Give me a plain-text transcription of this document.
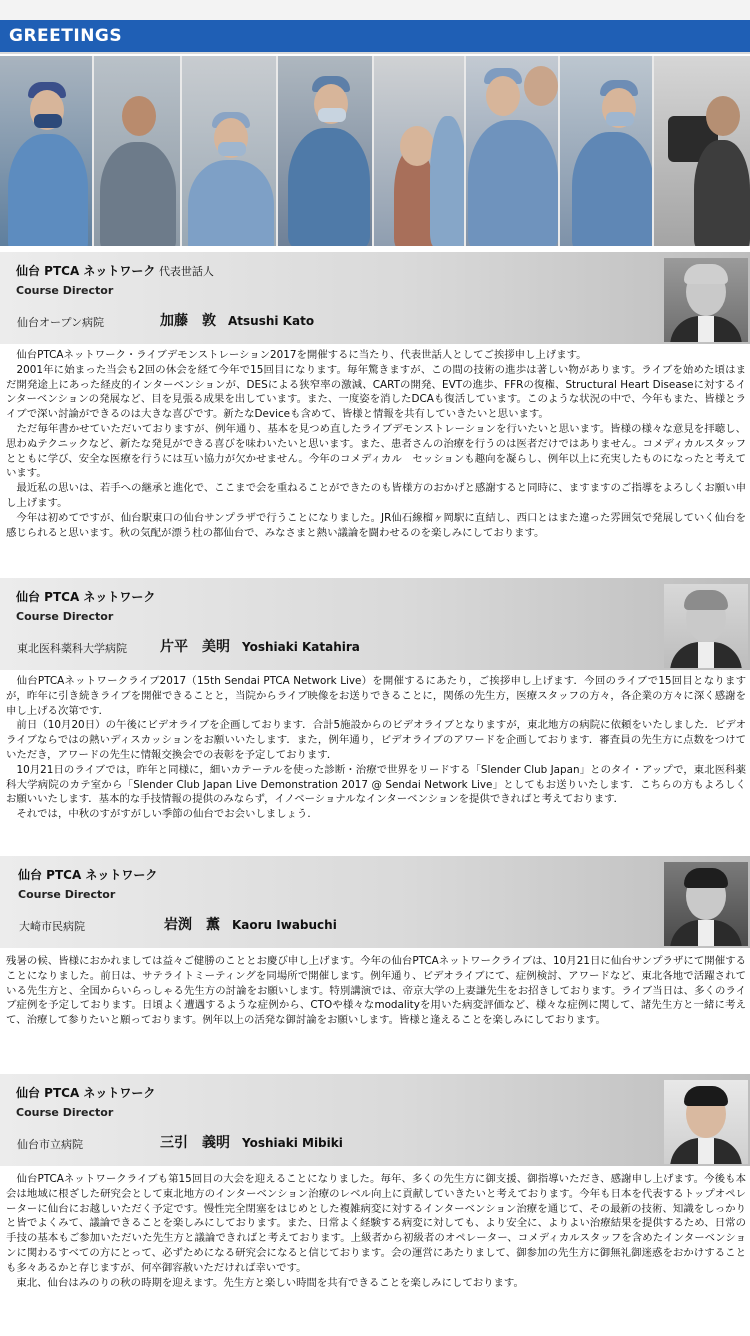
GREETINGS
仙台 PTCA ネットワーク 代表世話人
Course Director
仙台オープン病院	加藤　敦 Atsushi Kato

　仙台PTCAネットワーク・ライブデモンストレーション2017を開催するに当たり、代表世話人としてご挨拶申し上げます。

　2001年に始まった当会も2回の休会を経て今年で15回目になります。毎年驚きますが、この間の技術の進歩は著しい物があります。ライブを始めた頃はまだ開発途上にあった経皮的インターベンションが、DESによる狭窄率の激減、CARTの開発、EVTの進歩、FFRの復権、Structural Heart Diseaseに対するインターベンションの発展など、目を見張る成果を出しています。また、一度姿を消したDCAも復活しています。このような状況の中で、今年もまた、皆様とライブで深い討論ができるのは大きな喜びです。新たなDeviceも含めて、皆様と情報を共有していきたいと思います。

　ただ毎年書かせていただいておりますが、例年通り、基本を見つめ直したライブデモンストレーションを行いたいと思います。皆様の様々な意見を拝聴し、思わぬテクニックなど、新たな発見ができる喜びを味わいたいと思います。また、患者さんの治療を行うのは医者だけではありません。コメディカルスタッフとともに学び、安全な医療を行うには互い協力が欠かせません。今年のコメディカル　セッションも趣向を凝らし、例年以上に充実したものになったと考えています。

　最近私の思いは、若手への継承と進化で、ここまで会を重ねることができたのも皆様方のおかげと感謝すると同時に、ますますのご指導をよろしくお願い申し上げます。

　今年は初めてですが、仙台駅東口の仙台サンプラザで行うことになりました。JR仙石線榴ヶ岡駅に直結し、西口とはまた違った雰囲気で発展していく仙台を感じられると思います。秋の気配が漂う杜の都仙台で、みなさまと熱い議論を闘わせるのを楽しみにしております。

仙台 PTCA ネットワーク
Course Director
東北医科薬科大学病院 片平　美明 Yoshiaki Katahira

　仙台PTCAネットワークライブ2017（15th Sendai PTCA Network Live）を開催するにあたり，ご挨拶申し上げます．今回のライブで15回目となりますが，昨年に引き続きライブを開催できることと，当院からライブ映像をお送りできることに，関係の先生方，医療スタッフの方々，各企業の方々に深く感謝を申し上げる次第です．

　前日（10月20日）の午後にビデオライブを企画しております．合計5施設からのビデオライブとなりますが，東北地方の病院に依頼をいたしました．ビデオライブならではの熱いディスカッションをお願いいたします．また，例年通り，ビデオライブのアワードを企画しております．審査員の先生方に点数をつけていただき，アワードの先生に情報交換会での表彰を予定しております．

　10月21日のライブでは，昨年と同様に，細いカテーテルを使った診断・治療で世界をリードする「Slender Club Japan」とのタイ・アップで，東北医科薬科大学病院のカテ室から「Slender Club Japan Live Demonstration 2017 @ Sendai Network Live」としてもお送りいたします．こちらの方もよろしくお願いいたします．基本的な手技情報の提供のみならず，イノベーショナルなインターベンションを提供できればと考えております．

　それでは，中秋のすがすがしい季節の仙台でお会いしましょう．

仙台 PTCA ネットワーク
Course Director
大崎市民病院	岩渕　薫 Kaoru Iwabuchi

残暑の候、皆様におかれましては益々ご健勝のこととお慶び申し上げます。今年の仙台PTCAネットワークライブは、10月21日に仙台サンプラザにて開催することになりました。前日は、サテライトミーティングを同場所で開催します。例年通り、ビデオライブにて、症例検討、アワードなど、東北各地で活躍されている先生方と、全国からいらっしゃる先生方の討論をお願いします。特別講演では、帝京大学の上妻謙先生をお招きしております。ライブ当日は、多くのライブ症例を予定しております。日頃よく遭遇するような症例から、CTOや様々なmodalityを用いた病変評価など、様々な症例に関して、諸先生方と一緒に考えて、治療して参りたいと願っております。例年以上の活発な御討論をお願いします。皆様と逢えることを楽しみにしております。

仙台 PTCA ネットワーク
Course Director
仙台市立病院	三引　義明 Yoshiaki Mibiki

　仙台PTCAネットワークライブも第15回目の大会を迎えることになりました。毎年、多くの先生方に御支援、御指導いただき、感謝申し上げます。今後も本会は地域に根ざした研究会として東北地方のインターベンション治療のレベル向上に貢献していきたいと考えております。今年も日本を代表するトップオペレーターに仙台にお越しいただく予定です。慢性完全閉塞をはじめとした複雑病変に対するインターベンション治療を通じて、その最新の技術、知識をしっかりと皆でよくみて、議論できることを楽しみにしております。また、日常よく経験する病変に対しても、より安全に、よりよい治療結果を提供するため、日常の手技の基本もご参加いただいた先生方と議論できればと考えております。上級者から初級者のオペレーター、コメディカルスタッフを含めたインターベンションに関わるすべての方にとって、必ずためになる研究会になると信じております。会の運営にあたりまして、御参加の先生方に御無礼御迷惑をおかけすることも多々あるかと存じますが、何卒御容赦いただければ幸いです。

　東北、仙台はみのりの秋の時期を迎えます。先生方と楽しい時間を共有できることを楽しみにしております。
